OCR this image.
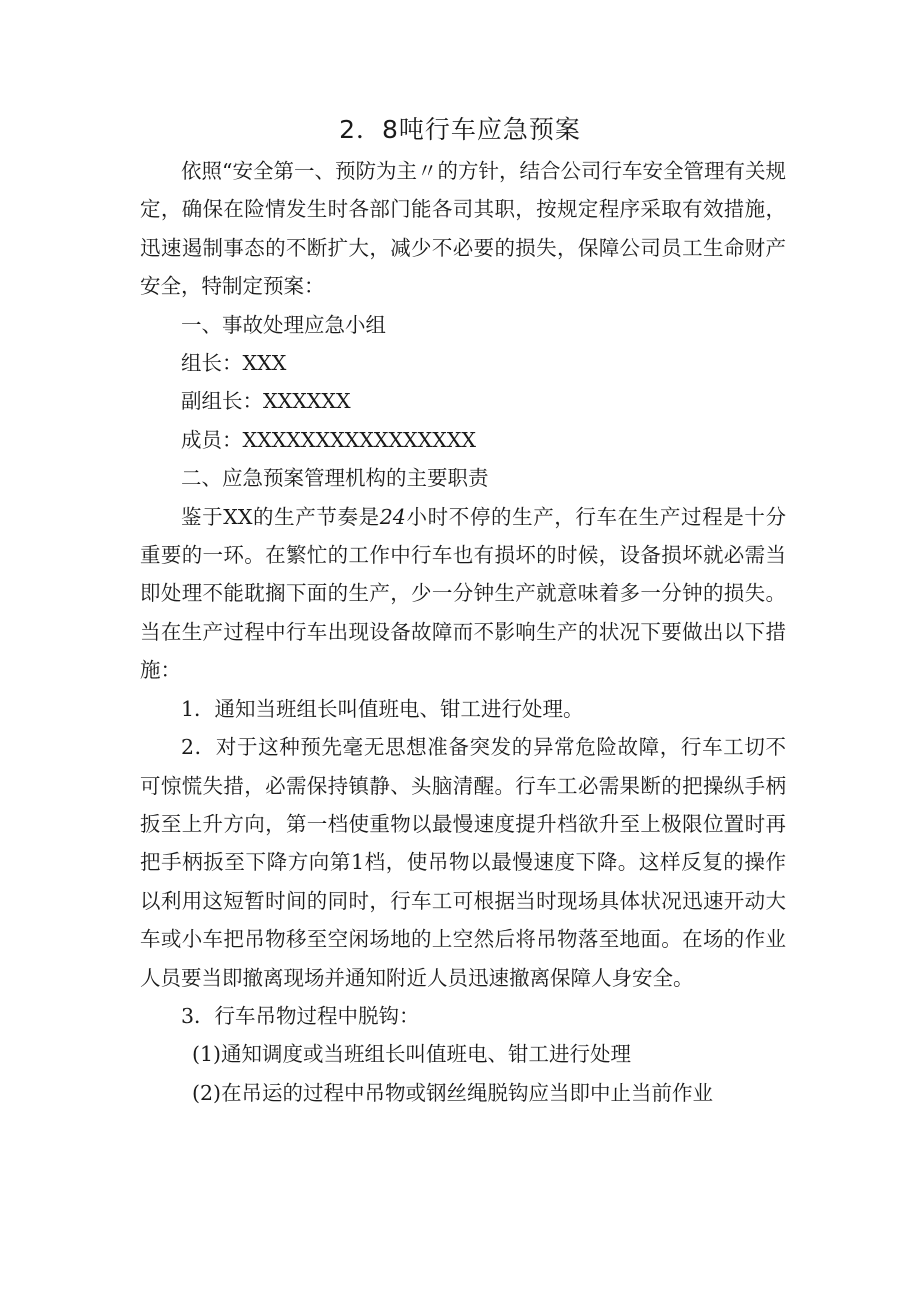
2．8吨行车应急预案

依照“安全第一、预防为主〃的方针，结合公司行车安全管理有关规定，确保在险情发生时各部门能各司其职，按规定程序采取有效措施，迅速遏制事态的不断扩大，减少不必要的损失，保障公司员工生命财产安全，特制定预案：

一、事故处理应急小组

组长：XXX

副组长：XXXXXX

成员：XXXXXXXXXXXXXXXX

二、应急预案管理机构的主要职责

鉴于XX的生产节奏是24小时不停的生产，行车在生产过程是十分重要的一环。在繁忙的工作中行车也有损坏的时候，设备损坏就必需当即处理不能耽搁下面的生产，少一分钟生产就意味着多一分钟的损失。当在生产过程中行车出现设备故障而不影响生产的状况下要做出以下措施：

1．通知当班组长叫值班电、钳工进行处理。

2．对于这种预先毫无思想准备突发的异常危险故障，行车工切不可惊慌失措，必需保持镇静、头脑清醒。行车工必需果断的把操纵手柄扳至上升方向，第一档使重物以最慢速度提升档欲升至上极限位置时再把手柄扳至下降方向第1档，使吊物以最慢速度下降。这样反复的操作以利用这短暂时间的同时，行车工可根据当时现场具体状况迅速开动大车或小车把吊物移至空闲场地的上空然后将吊物落至地面。在场的作业人员要当即撤离现场并通知附近人员迅速撤离保障人身安全。

3．行车吊物过程中脱钩：

(1)通知调度或当班组长叫值班电、钳工进行处理

(2)在吊运的过程中吊物或钢丝绳脱钩应当即中止当前作业
